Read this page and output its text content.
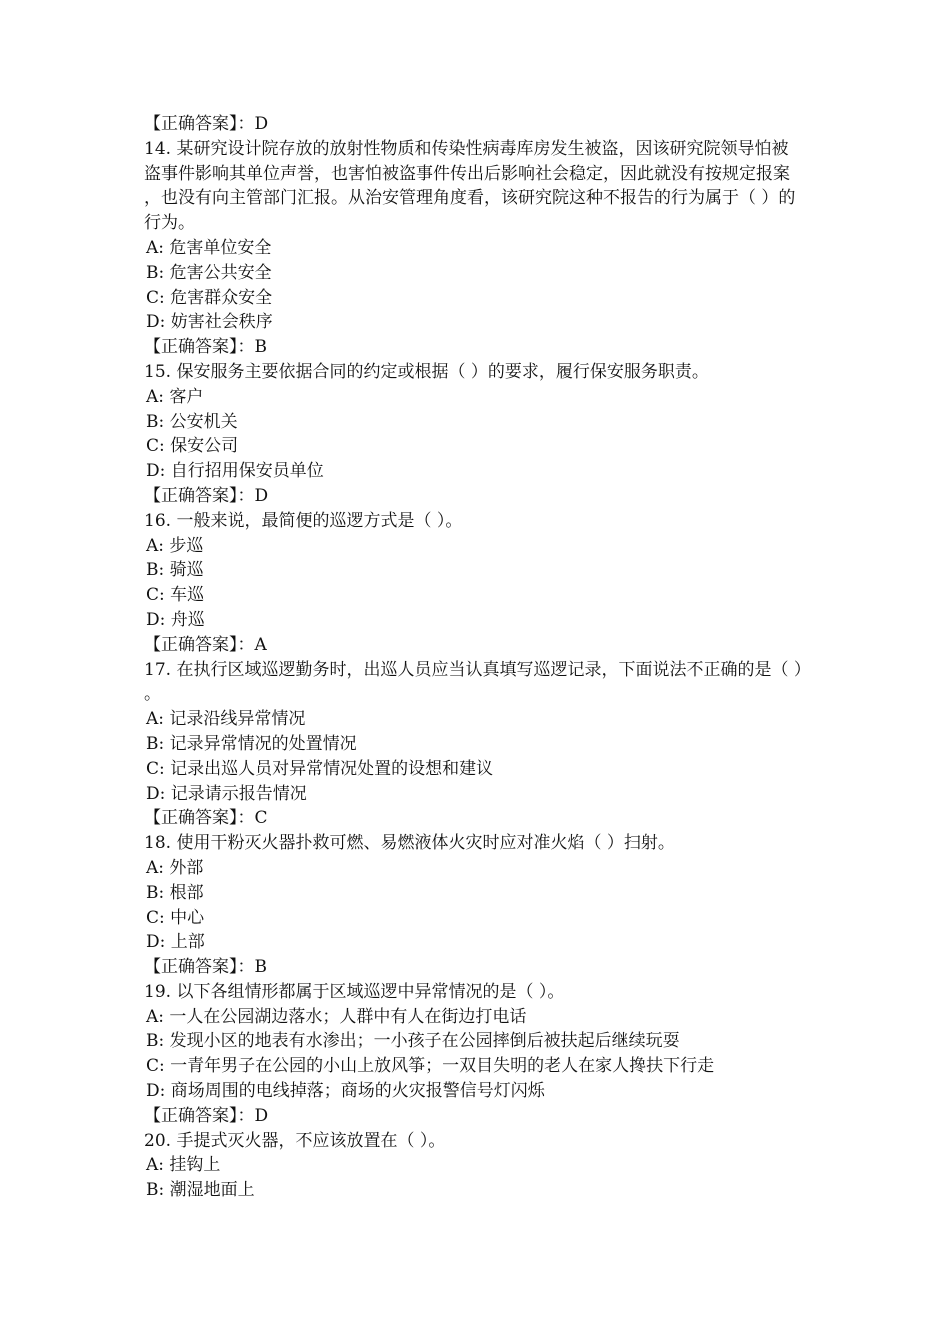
【正确答案】：D
14. 某研究设计院存放的放射性物质和传染性病毒库房发生被盗，因该研究院领导怕被盗事件影响其单位声誉，也害怕被盗事件传出后影响社会稳定，因此就没有按规定报案，也没有向主管部门汇报。从治安管理角度看，该研究院这种不报告的行为属于（ ）的行为。
A: 危害单位安全
B: 危害公共安全
C: 危害群众安全
D: 妨害社会秩序
【正确答案】：B
15. 保安服务主要依据合同的约定或根据（ ）的要求，履行保安服务职责。
A: 客户
B: 公安机关
C: 保安公司
D: 自行招用保安员单位
【正确答案】：D
16. 一般来说，最简便的巡逻方式是（ ）。
A: 步巡
B: 骑巡
C: 车巡
D: 舟巡
【正确答案】：A
17. 在执行区域巡逻勤务时，出巡人员应当认真填写巡逻记录，下面说法不正确的是（ ）。
A: 记录沿线异常情况
B: 记录异常情况的处置情况
C: 记录出巡人员对异常情况处置的设想和建议
D: 记录请示报告情况
【正确答案】：C
18. 使用干粉灭火器扑救可燃、易燃液体火灾时应对准火焰（ ）扫射。
A: 外部
B: 根部
C: 中心
D: 上部
【正确答案】：B
19. 以下各组情形都属于区域巡逻中异常情况的是（ ）。
A: 一人在公园湖边落水；人群中有人在街边打电话
B: 发现小区的地表有水渗出；一小孩子在公园摔倒后被扶起后继续玩耍
C: 一青年男子在公园的小山上放风筝；一双目失明的老人在家人搀扶下行走
D: 商场周围的电线掉落；商场的火灾报警信号灯闪烁
【正确答案】：D
20. 手提式灭火器，不应该放置在（ ）。
A: 挂钩上
B: 潮湿地面上
